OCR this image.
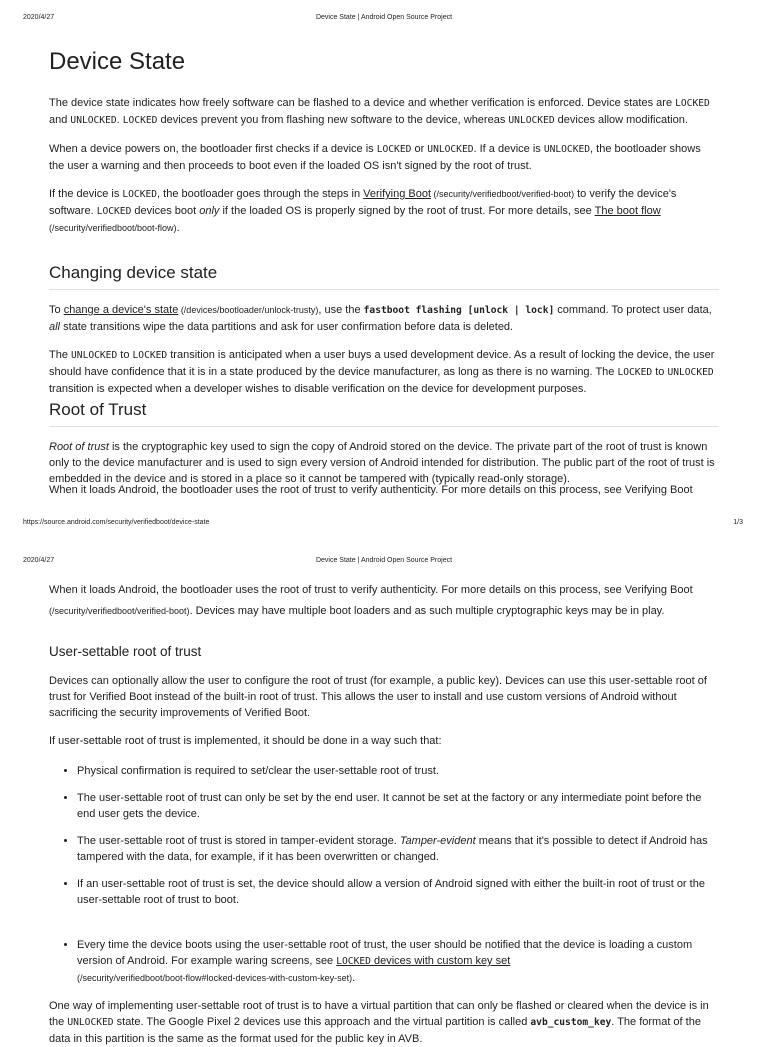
2020/4/27	Device State | Android Open Source Project
Device State

The device state indicates how freely software can be flashed to a device and whether verification is enforced. Device states are LOCKED and UNLOCKED. LOCKED devices prevent you from flashing new software to the device, whereas UNLOCKED devices allow modification.

When a device powers on, the bootloader first checks if a device is LOCKED or UNLOCKED. If a device is UNLOCKED, the bootloader shows the user a warning and then proceeds to boot even if the loaded OS isn't signed by the root of trust.

If the device is LOCKED, the bootloader goes through the steps in Verifying Boot (/security/verifiedboot/verified-boot) to verify the device's software. LOCKED devices boot only if the loaded OS is properly signed by the root of trust. For more details, see The boot flow (/security/verifiedboot/boot-flow).

Changing device state

To change a device's state (/devices/bootloader/unlock-trusty), use the fastboot flashing [unlock | lock] command. To protect user data, all state transitions wipe the data partitions and ask for user confirmation before data is deleted.

The UNLOCKED to LOCKED transition is anticipated when a user buys a used development device. As a result of locking the device, the user should have confidence that it is in a state produced by the device manufacturer, as long as there is no warning. The LOCKED to UNLOCKED transition is expected when a developer wishes to disable verification on the device for development purposes.

Root of Trust

Root of trust is the cryptographic key used to sign the copy of Android stored on the device. The private part of the root of trust is known only to the device manufacturer and is used to sign every version of Android intended for distribution. The public part of the root of trust is embedded in the device and is stored in a place so it cannot be tampered with (typically read-only storage).

When it loads Android, the bootloader uses the root of trust to verify authenticity. For more details on this process, see Verifying Boot
https://source.android.com/security/verifiedboot/device-state	1/3
2020/4/27	Device State | Android Open Source Project
When it loads Android, the bootloader uses the root of trust to verify authenticity. For more details on this process, see Verifying Boot

(/security/verifiedboot/verified-boot). Devices may have multiple boot loaders and as such multiple cryptographic keys may be in play.

User-settable root of trust

Devices can optionally allow the user to configure the root of trust (for example, a public key). Devices can use this user-settable root of trust for Verified Boot instead of the built-in root of trust. This allows the user to install and use custom versions of Android without sacrificing the security improvements of Verified Boot.

If user-settable root of trust is implemented, it should be done in a way such that:

• Physical confirmation is required to set/clear the user-settable root of trust.
• The user-settable root of trust can only be set by the end user. It cannot be set at the factory or any intermediate point before the end user gets the device.
• The user-settable root of trust is stored in tamper-evident storage. Tamper-evident means that it's possible to detect if Android has tampered with the data, for example, if it has been overwritten or changed.
• If an user-settable root of trust is set, the device should allow a version of Android signed with either the built-in root of trust or the user-settable root of trust to boot.
• Every time the device boots using the user-settable root of trust, the user should be notified that the device is loading a custom version of Android. For example waring screens, see LOCKED devices with custom key set
(/security/verifiedboot/boot-flow#locked-devices-with-custom-key-set).

One way of implementing user-settable root of trust is to have a virtual partition that can only be flashed or cleared when the device is in the UNLOCKED state. The Google Pixel 2 devices use this approach and the virtual partition is called avb_custom_key. The format of the data in this partition is the same as the format used for the public key in AVB.
